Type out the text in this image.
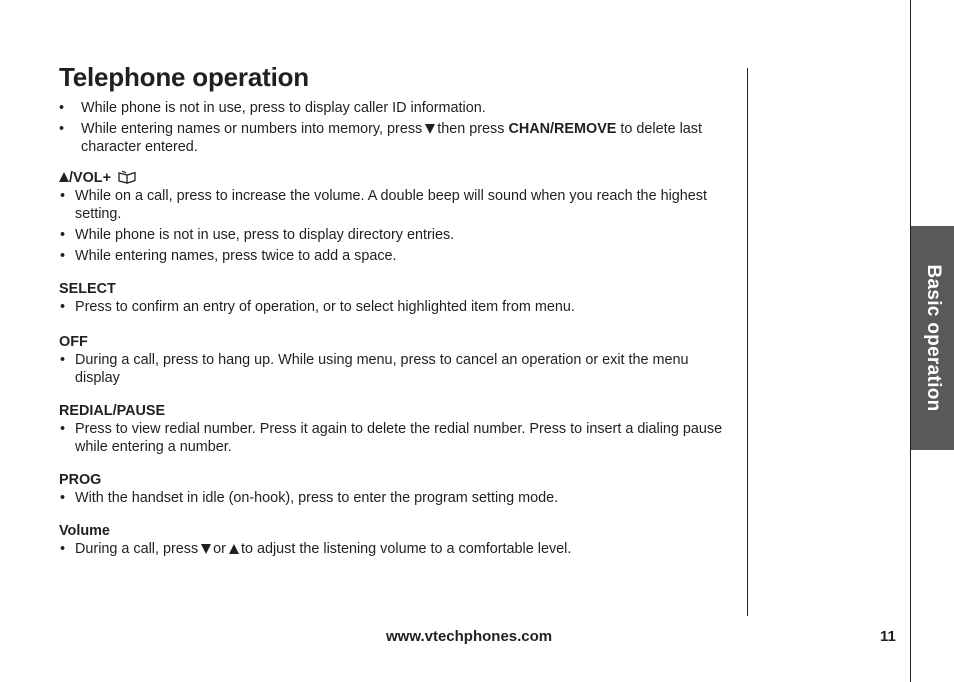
Telephone operation
Basic operation
• While phone is not in use, press to display caller ID information.
• While entering names or numbers into memory, press then press CHAN/REMOVE to delete last character entered.

/VOL+

• While on a call, press to increase the volume. A double beep will sound when you reach the highest setting.
• While phone is not in use, press to display directory entries.
• While entering names, press twice to add a space.

SELECT

• Press to confirm an entry of operation, or to select highlighted item from menu.

OFF

• During a call, press to hang up. While using menu, press to cancel an operation or exit the menu display

REDIAL/PAUSE

• Press to view redial number. Press it again to delete the redial number. Press to insert a dialing pause while entering a number.

PROG

• With the handset in idle (on-hook), press to enter the program setting mode.

Volume

• During a call, press or to adjust the listening volume to a comfortable level.
www.vtechphones.com	11
